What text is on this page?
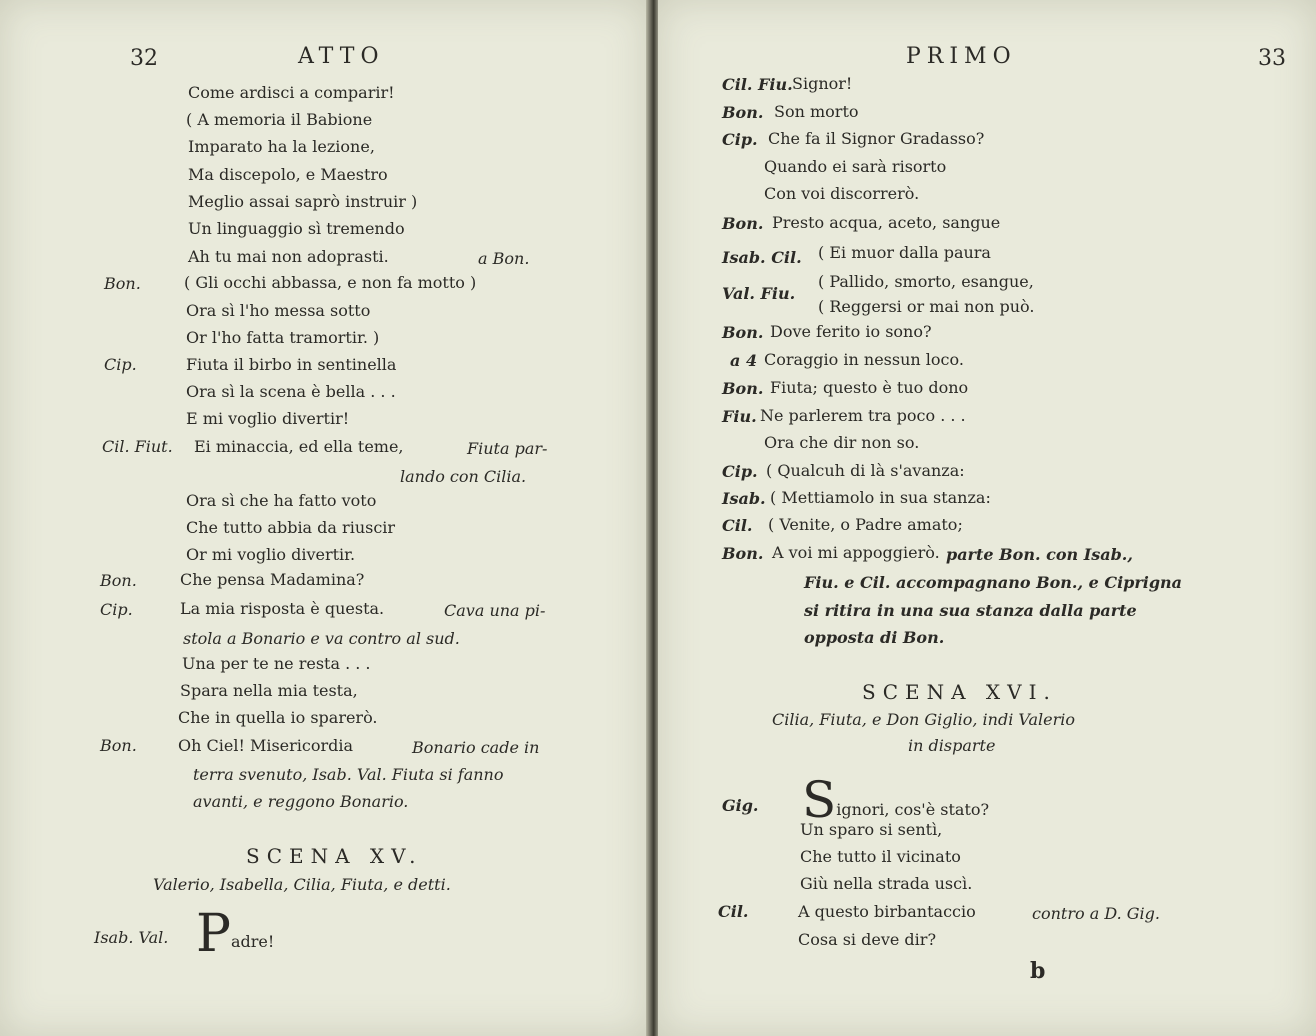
32	ATTO
Come ardisci a comparir!
( A memoria il Babione
Imparato ha la lezione,
Ma discepolo, e Maestro
Meglio assai saprò instruir )
Un linguaggio sì tremendo
Ah tu mai non adoprasti.	a Bon.
Bon.	( Gli occhi abbassa, e non fa motto )
Ora sì l'ho messa sotto
Or l'ho fatta tramortir. )
Cip.	Fiuta il birbo in sentinella
Ora sì la scena è bella . . .
E mi voglio divertir!
Cil. Fiut. Ei minaccia, ed ella teme,	Fiuta par-
lando con Cilia.
Ora sì che ha fatto voto
Che tutto abbia da riuscir
Or mi voglio divertir.
Bon.	Che pensa Madamina?
Cip.	La mia risposta è questa.	Cava una pi-
stola a Bonario e va contro al sud.
Una per te ne resta . . .
Spara nella mia testa,
Che in quella io sparerò.
Bon.	Oh Ciel! Misericordia	Bonario cade in
terra svenuto, Isab. Val. Fiuta si fanno
avanti, e reggono Bonario.
SCENA XV.
Valerio, Isabella, Cilia, Fiuta, e detti.
Isab. Val. Padre!
PRIMO	33
Cil. Fiu. Signor!
Bon. Son morto
Cip. Che fa il Signor Gradasso?
Quando ei sarà risorto
Con voi discorrerò.
Bon. Presto acqua, aceto, sangue
Isab. Cil. ( Ei muor dalla paura
Val. Fiu.
( Pallido, smorto, esangue,
( Reggersi or mai non può.
Bon. Dove ferito io sono?
a 4 Coraggio in nessun loco.
Bon. Fiuta; questo è tuo dono
Fiu. Ne parlerem tra poco . . .
Ora che dir non so.
Cip. ( Qualcuh di là s'avanza:
Isab. ( Mettiamolo in sua stanza:
Cil. ( Venite, o Padre amato;
Bon. A voi mi appoggierò. parte Bon. con Isab.,
Fiu. e Cil. accompagnano Bon., e Ciprigna
si ritira in una sua stanza dalla parte
opposta di Bon.
SCENA XVI.
Cilia, Fiuta, e Don Giglio, indi Valerio
in disparte
Gig. Signori, cos'è stato?
Un sparo si sentì,
Che tutto il vicinato
Giù nella strada uscì.
Cil.	A questo birbantaccio	contro a D. Gig.
Cosa si deve dir?
b
